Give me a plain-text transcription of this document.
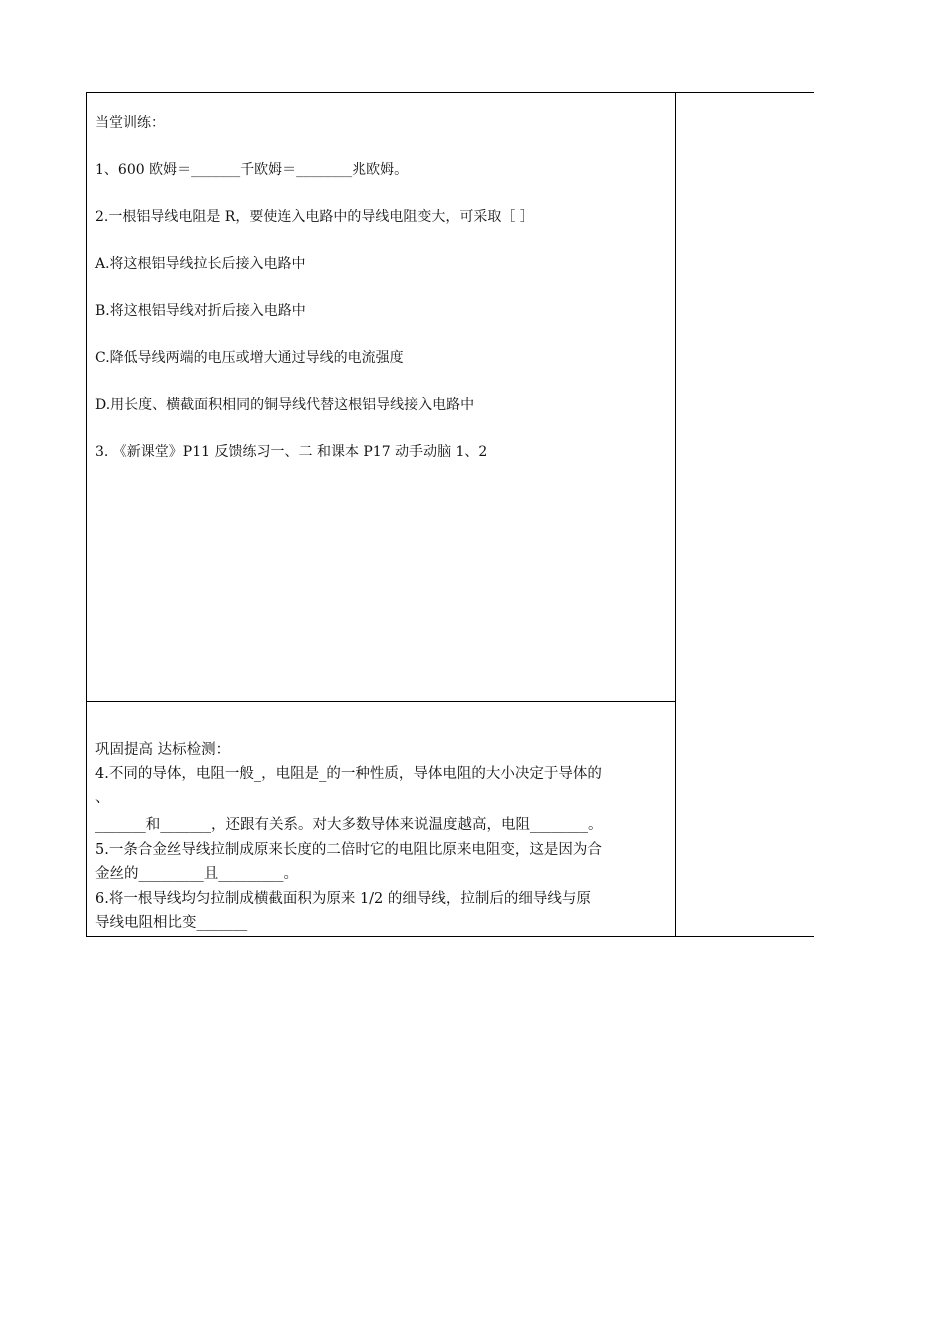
当堂训练：
1、600 欧姆＝_______千欧姆＝________兆欧姆。
2.一根铝导线电阻是 R，要使连入电路中的导线电阻变大，可采取［ ］
A.将这根铝导线拉长后接入电路中
B.将这根铝导线对折后接入电路中
C.降低导线两端的电压或增大通过导线的电流强度
D.用长度、横截面积相同的铜导线代替这根铝导线接入电路中
3. 《新课堂》P11 反馈练习一、二 和课本 P17 动手动脑 1、2
巩固提高 达标检测：
4.不同的导体，电阻一般_，电阻是_的一种性质，导体电阻的大小决定于导体的
、
_______和_______，还跟有关系。对大多数导体来说温度越高，电阻________。
5.一条合金丝导线拉制成原来长度的二倍时它的电阻比原来电阻变，这是因为合
金丝的_________且_________。
6.将一根导线均匀拉制成横截面积为原来 1/2 的细导线，拉制后的细导线与原
导线电阻相比变_______
